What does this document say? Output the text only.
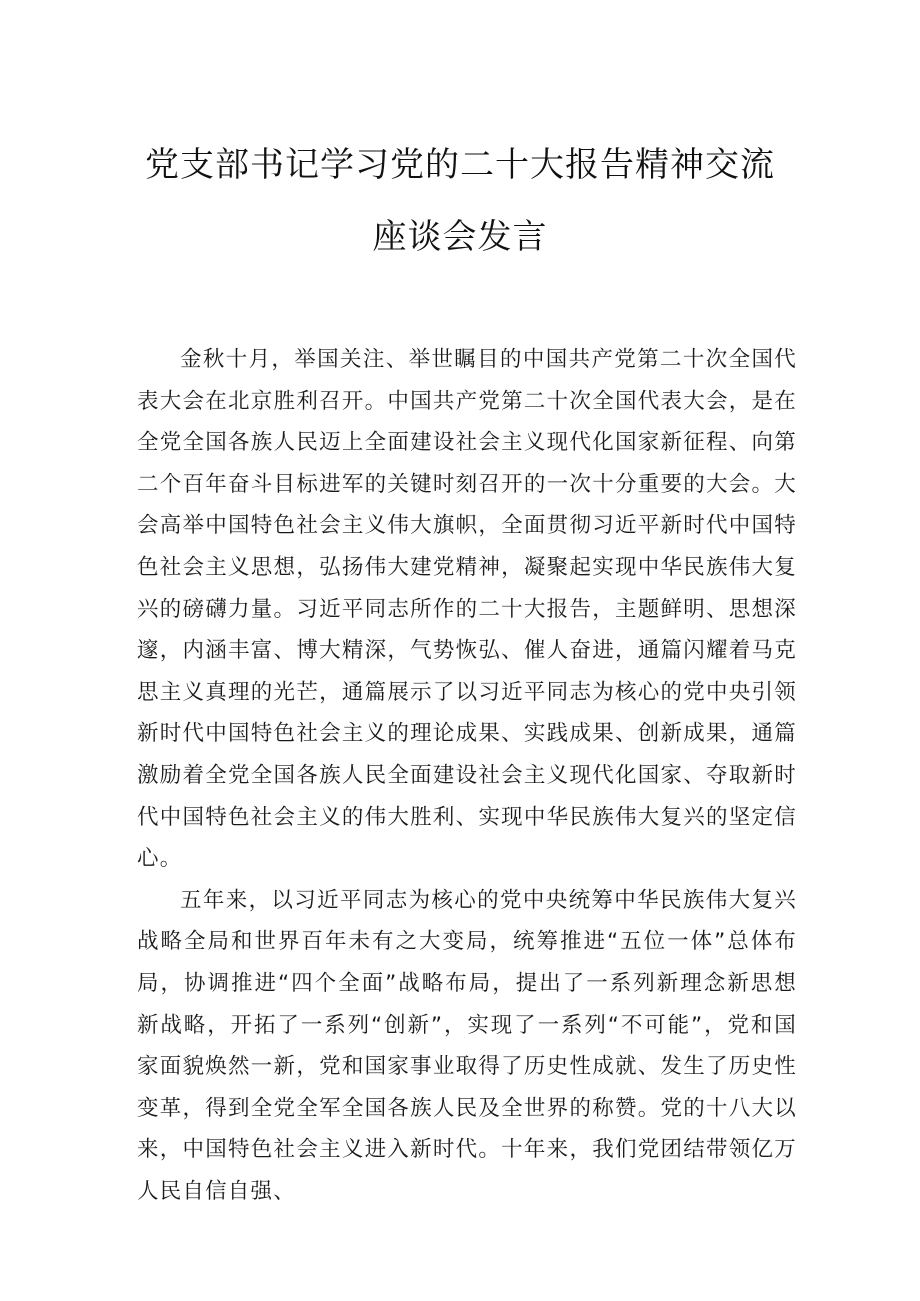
党支部书记学习党的二十大报告精神交流
座谈会发言

金秋十月，举国关注、举世瞩目的中国共产党第二十次全国代表大会在北京胜利召开。中国共产党第二十次全国代表大会，是在全党全国各族人民迈上全面建设社会主义现代化国家新征程、向第二个百年奋斗目标进军的关键时刻召开的一次十分重要的大会。大会高举中国特色社会主义伟大旗帜，全面贯彻习近平新时代中国特色社会主义思想，弘扬伟大建党精神，凝聚起实现中华民族伟大复兴的磅礴力量。习近平同志所作的二十大报告，主题鲜明、思想深邃，内涵丰富、博大精深，气势恢弘、催人奋进，通篇闪耀着马克思主义真理的光芒，通篇展示了以习近平同志为核心的党中央引领新时代中国特色社会主义的理论成果、实践成果、创新成果，通篇激励着全党全国各族人民全面建设社会主义现代化国家、夺取新时代中国特色社会主义的伟大胜利、实现中华民族伟大复兴的坚定信心。

五年来，以习近平同志为核心的党中央统筹中华民族伟大复兴战略全局和世界百年未有之大变局，统筹推进“五位一体”总体布局，协调推进“四个全面”战略布局，提出了一系列新理念新思想新战略，开拓了一系列“创新”，实现了一系列“不可能”，党和国家面貌焕然一新，党和国家事业取得了历史性成就、发生了历史性变革，得到全党全军全国各族人民及全世界的称赞。党的十八大以来，中国特色社会主义进入新时代。十年来，我们党团结带领亿万人民自信自强、
